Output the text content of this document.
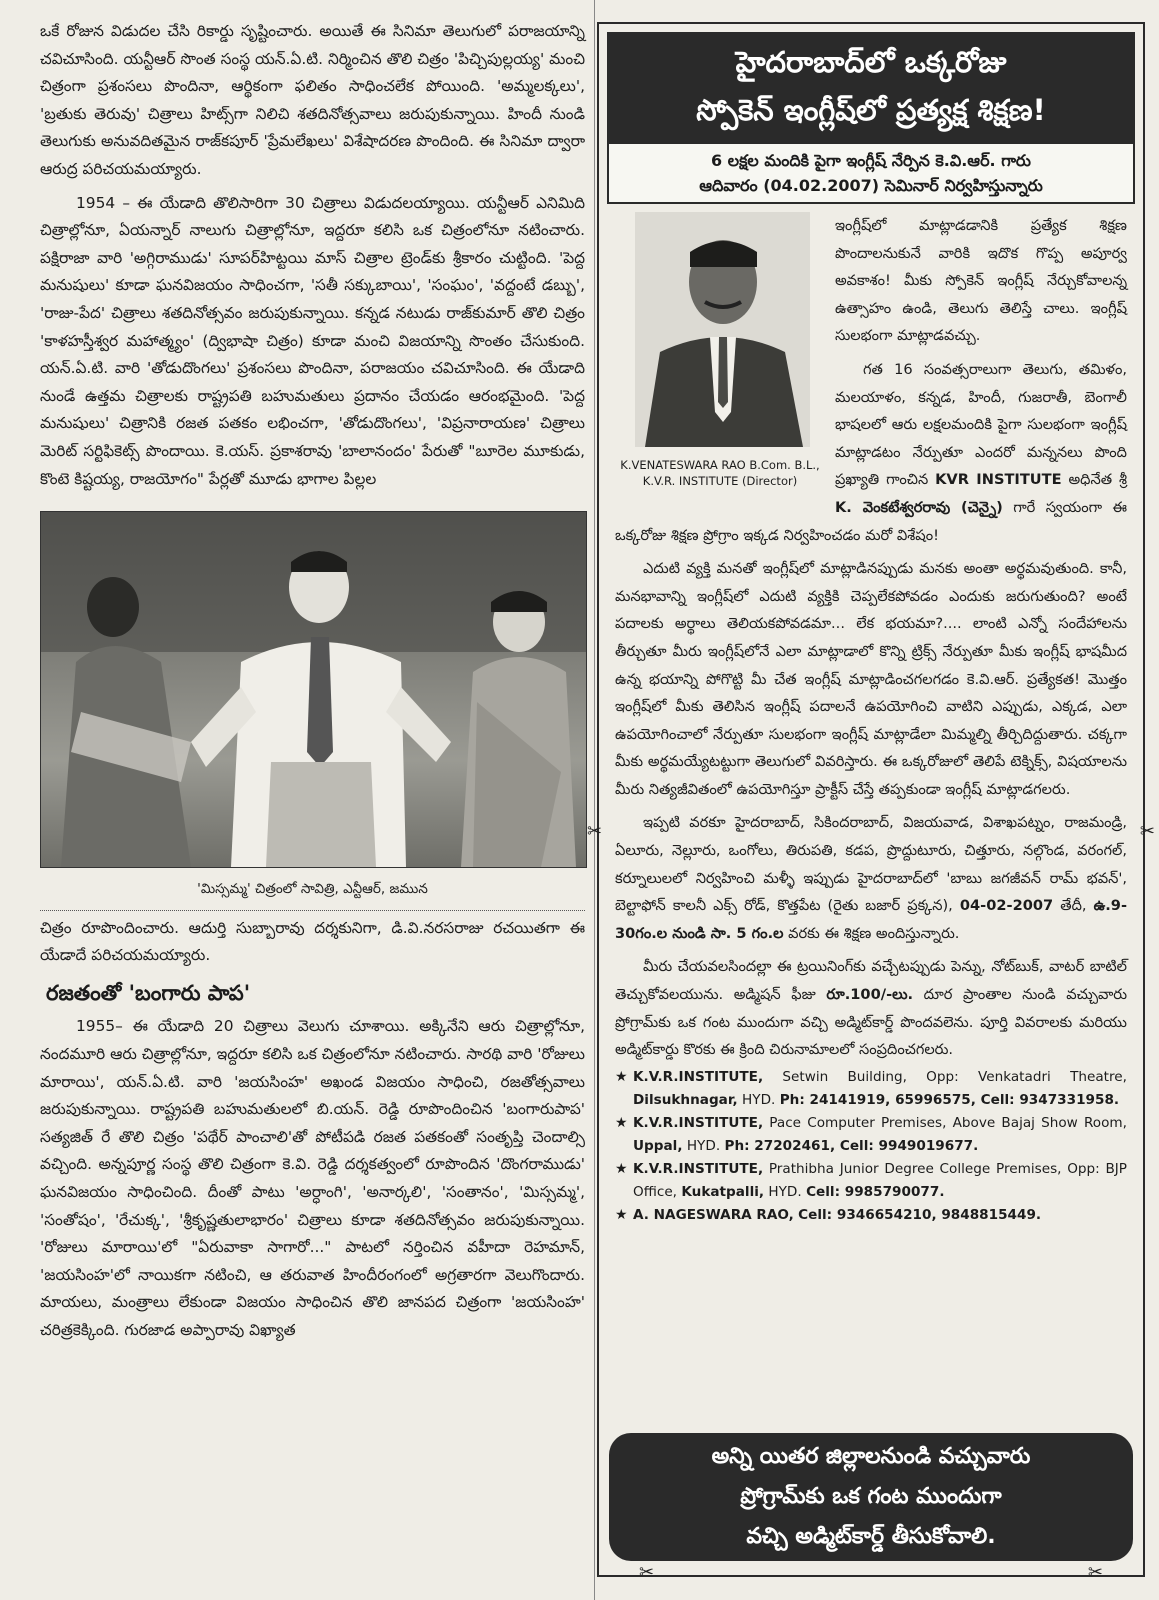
ఒకే రోజున విడుదల చేసి రికార్డు సృష్టించారు. అయితే ఈ సినిమా తెలుగులో పరాజయాన్ని చవిచూసింది. యన్టీఆర్ సొంత సంస్థ యన్.ఏ.టి. నిర్మించిన తొలి చిత్రం 'పిచ్చిపుల్లయ్య' మంచి చిత్రంగా ప్రశంసలు పొందినా, ఆర్థికంగా ఫలితం సాధించలేక పోయింది. 'అమ్మలక్కలు', 'బ్రతుకు తెరువు' చిత్రాలు హిట్స్‌గా నిలిచి శతదినోత్సవాలు జరుపుకున్నాయి. హిందీ నుండి తెలుగుకు అనువదితమైన రాజ్‌కపూర్ 'ప్రేమలేఖలు' విశేషాదరణ పొందింది. ఈ సినిమా ద్వారా ఆరుద్ర పరిచయమయ్యారు.

1954 – ఈ యేడాది తొలిసారిగా 30 చిత్రాలు విడుదలయ్యాయి. యన్టీఆర్ ఎనిమిది చిత్రాల్లోనూ, ఏయన్నార్ నాలుగు చిత్రాల్లోనూ, ఇద్దరూ కలిసి ఒక చిత్రంలోనూ నటించారు. పక్షిరాజా వారి 'అగ్గిరాముడు' సూపర్‌హిట్టయి మాస్ చిత్రాల ట్రెండ్‌కు శ్రీకారం చుట్టింది. 'పెద్ద మనుషులు' కూడా ఘనవిజయం సాధించగా, 'సతీ సక్కుబాయి', 'సంఘం', 'వద్దంటే డబ్బు', 'రాజు-పేద' చిత్రాలు శతదినోత్సవం జరుపుకున్నాయి. కన్నడ నటుడు రాజ్‌కుమార్ తొలి చిత్రం 'కాళహస్తీశ్వర మహాత్మ్యం' (ద్విభాషా చిత్రం) కూడా మంచి విజయాన్ని సొంతం చేసుకుంది. యన్.ఏ.టి. వారి 'తోడుదొంగలు' ప్రశంసలు పొందినా, పరాజయం చవిచూసింది. ఈ యేడాది నుండే ఉత్తమ చిత్రాలకు రాష్ట్రపతి బహుమతులు ప్రదానం చేయడం ఆరంభమైంది. 'పెద్ద మనుషులు' చిత్రానికి రజత పతకం లభించగా, 'తోడుదొంగలు', 'విప్రనారాయణ' చిత్రాలు మెరిట్ సర్టిఫికెట్స్ పొందాయి. కె.యస్. ప్రకాశరావు 'బాలానందం' పేరుతో "బూరెల మూకుడు, కొంటె కిష్టయ్య, రాజయోగం" పేర్లతో మూడు భాగాల పిల్లల

'మిస్సమ్మ' చిత్రంలో సావిత్రి, ఎన్టీఆర్, జమున

చిత్రం రూపొందించారు. ఆదుర్తి సుబ్బారావు దర్శకునిగా, డి.వి.నరసరాజు రచయితగా ఈ యేడాదే పరిచయమయ్యారు.

రజతంతో 'బంగారు పాప'

1955– ఈ యేడాది 20 చిత్రాలు వెలుగు చూశాయి. అక్కినేని ఆరు చిత్రాల్లోనూ, నందమూరి ఆరు చిత్రాల్లోనూ, ఇద్దరూ కలిసి ఒక చిత్రంలోనూ నటించారు. సారథి వారి 'రోజులు మారాయి', యన్.ఏ.టి. వారి 'జయసింహ' అఖండ విజయం సాధించి, రజతోత్సవాలు జరుపుకున్నాయి. రాష్ట్రపతి బహుమతులలో బి.యన్. రెడ్డి రూపొందించిన 'బంగారుపాప' సత్యజిత్ రే తొలి చిత్రం 'పథేర్ పాంచాలి'తో పోటీపడి రజత పతకంతో సంతృప్తి చెందాల్సి వచ్చింది. అన్నపూర్ణ సంస్థ తొలి చిత్రంగా కె.వి. రెడ్డి దర్శకత్వంలో రూపొందిన 'దొంగరాముడు' ఘనవిజయం సాధించింది. దీంతో పాటు 'అర్ధాంగి', 'అనార్కలి', 'సంతానం', 'మిస్సమ్మ', 'సంతోషం', 'రేచుక్క', 'శ్రీకృష్ణతులాభారం' చిత్రాలు కూడా శతదినోత్సవం జరుపుకున్నాయి. 'రోజులు మారాయి'లో "ఏరువాకా సాగారో..." పాటలో నర్తించిన వహీదా రెహమాన్, 'జయసింహ'లో నాయికగా నటించి, ఆ తరువాత హిందీరంగంలో అగ్రతారగా వెలుగొందారు. మాయలు, మంత్రాలు లేకుండా విజయం సాధించిన తొలి జానపద చిత్రంగా 'జయసింహ' చరిత్రకెక్కింది. గురజాడ అప్పారావు విఖ్యాత

హైదరాబాద్‌లో ఒక్కరోజు
స్పోకెన్ ఇంగ్లీష్‌లో ప్రత్యక్ష శిక్షణ!
6 లక్షల మందికి పైగా ఇంగ్లీష్ నేర్పిన కె.వి.ఆర్. గారు
ఆదివారం (04.02.2007) సెమినార్ నిర్వహిస్తున్నారు
K.VENATESWARA RAO B.Com. B.L.,
K.V.R. INSTITUTE (Director)

ఇంగ్లీష్‌లో మాట్లాడడానికి ప్రత్యేక శిక్షణ పొందాలనుకునే వారికి ఇదొక గొప్ప అపూర్వ అవకాశం! మీకు స్పోకెన్ ఇంగ్లీష్ నేర్చుకోవాలన్న ఉత్సాహం ఉండి, తెలుగు తెలిస్తే చాలు. ఇంగ్లీష్ సులభంగా మాట్లాడవచ్చు.

గత 16 సంవత్సరాలుగా తెలుగు, తమిళం, మలయాళం, కన్నడ, హిందీ, గుజరాతీ, బెంగాలీ భాషలలో ఆరు లక్షలమందికి పైగా సులభంగా ఇంగ్లీష్ మాట్లాడటం నేర్పుతూ ఎందరో మన్ననలు పొంది ప్రఖ్యాతి గాంచిన KVR INSTITUTE అధినేత శ్రీ K. వెంకటేశ్వరరావు (చెన్నై) గారే స్వయంగా ఈ ఒక్కరోజు శిక్షణ ప్రోగ్రాం ఇక్కడ నిర్వహించడం మరో విశేషం!

ఎదుటి వ్యక్తి మనతో ఇంగ్లీష్‌లో మాట్లాడినప్పుడు మనకు అంతా అర్థమవుతుంది. కానీ, మనభావాన్ని ఇంగ్లీష్‌లో ఎదుటి వ్యక్తికి చెప్పలేకపోవడం ఎందుకు జరుగుతుంది? అంటే పదాలకు అర్థాలు తెలియకపోవడమా... లేక భయమా?.... లాంటి ఎన్నో సందేహాలను తీర్చుతూ మీరు ఇంగ్లీష్‌లోనే ఎలా మాట్లాడాలో కొన్ని ట్రిక్స్ నేర్పుతూ మీకు ఇంగ్లీష్ భాషమీద ఉన్న భయాన్ని పోగొట్టి మీ చేత ఇంగ్లీష్ మాట్లాడించగలగడం కె.వి.ఆర్. ప్రత్యేకత! మొత్తం ఇంగ్లీష్‌లో మీకు తెలిసిన ఇంగ్లీష్ పదాలనే ఉపయోగించి వాటిని ఎప్పుడు, ఎక్కడ, ఎలా ఉపయోగించాలో నేర్పుతూ సులభంగా ఇంగ్లీష్ మాట్లాడేలా మిమ్మల్ని తీర్చిదిద్దుతారు. చక్కగా మీకు అర్థమయ్యేటట్టుగా తెలుగులో వివరిస్తారు. ఈ ఒక్కరోజులో తెలిపే టెక్నిక్స్, విషయాలను మీరు నిత్యజీవితంలో ఉపయోగిస్తూ ప్రాక్టీస్ చేస్తే తప్పకుండా ఇంగ్లీష్ మాట్లాడగలరు.

ఇప్పటి వరకూ హైదరాబాద్, సికిందరాబాద్, విజయవాడ, విశాఖపట్నం, రాజమండ్రి, ఏలూరు, నెల్లూరు, ఒంగోలు, తిరుపతి, కడప, ప్రొద్దుటూరు, చిత్తూరు, నల్గొండ, వరంగల్, కర్నూలులలో నిర్వహించి మళ్ళీ ఇప్పుడు హైదరాబాద్‌లో 'బాబు జగజీవన్ రామ్ భవన్', బెల్టాఫోన్ కాలనీ ఎక్స్ రోడ్, కొత్తపేట (రైతు బజార్ ప్రక్కన), 04-02-2007 తేదీ, ఉ.9-30గం.ల నుండి సా. 5 గం.ల వరకు ఈ శిక్షణ అందిస్తున్నారు.

మీరు చేయవలసిందల్లా ఈ ట్రయినింగ్‌కు వచ్చేటప్పుడు పెన్ను, నోట్‌బుక్, వాటర్ బాటిల్ తెచ్చుకోవలయును. అడ్మిషన్ ఫీజు రూ.100/-లు. దూర ప్రాంతాల నుండి వచ్చువారు ప్రోగ్రామ్‌కు ఒక గంట ముందుగా వచ్చి అడ్మిట్‌కార్డ్ పొందవలెను. పూర్తి వివరాలకు మరియు అడ్మిట్‌కార్డు కొరకు ఈ క్రింది చిరునామాలలో సంప్రదించగలరు.

★ K.V.R.INSTITUTE, Setwin Building, Opp: Venkatadri Theatre, Dilsukhnagar, HYD. Ph: 24141919, 65996575, Cell: 9347331958.
★ K.V.R.INSTITUTE, Pace Computer Premises, Above Bajaj Show Room, Uppal, HYD. Ph: 27202461, Cell: 9949019677.
★ K.V.R.INSTITUTE, Prathibha Junior Degree College Premises, Opp: BJP Office, Kukatpalli, HYD. Cell: 9985790077.
★ A. NAGESWARA RAO, Cell: 9346654210, 9848815449.
అన్ని యితర జిల్లాలనుండి వచ్చువారు
ప్రోగ్రామ్‌కు ఒక గంట ముందుగా
వచ్చి అడ్మిట్‌కార్డ్ తీసుకోవాలి.
✂	✂
✂	✂
